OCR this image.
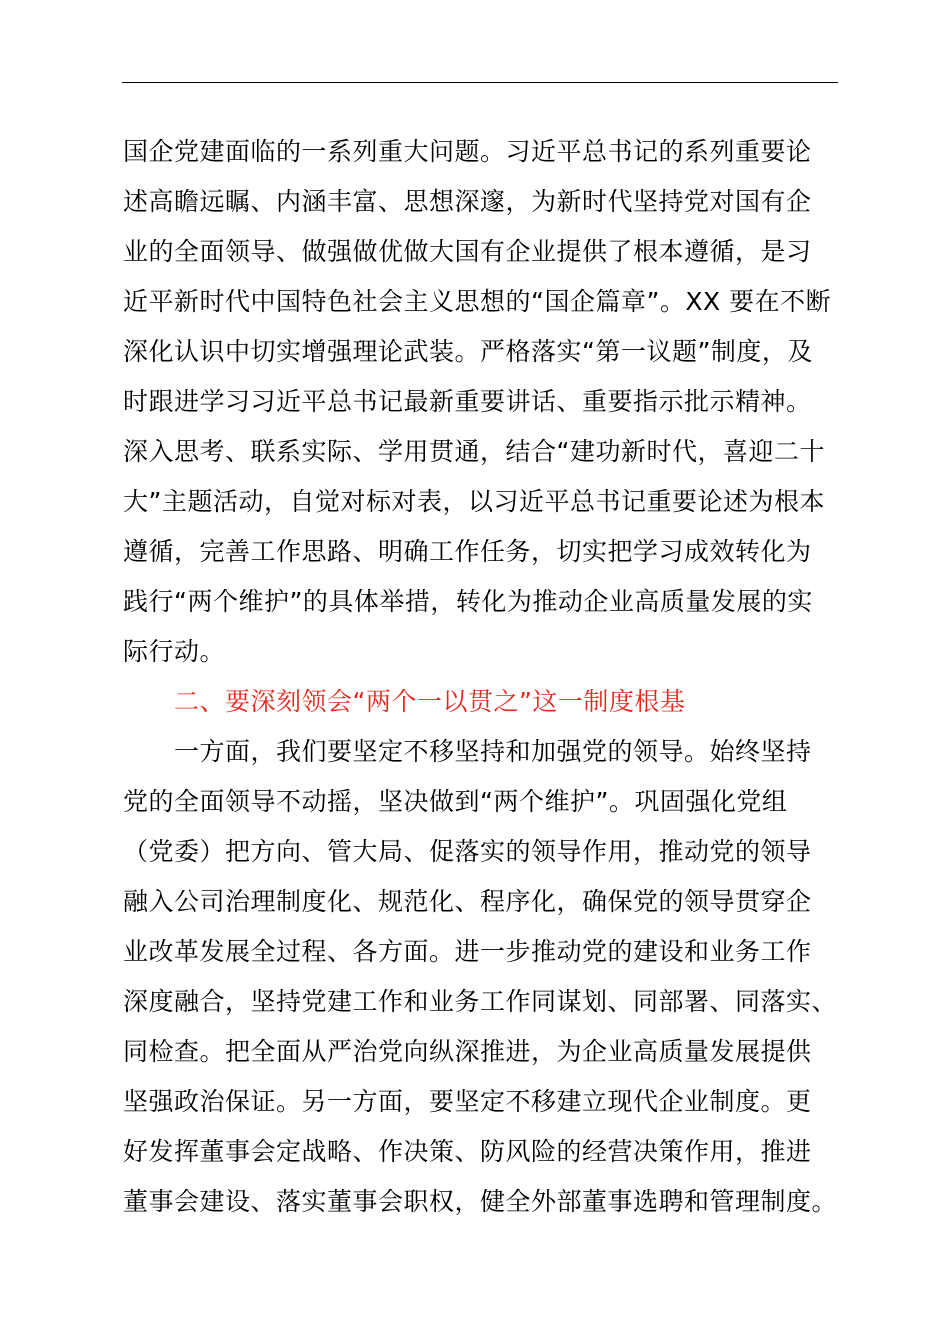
国企党建面临的一系列重大问题。习近平总书记的系列重要论
述高瞻远瞩、内涵丰富、思想深邃，为新时代坚持党对国有企
业的全面领导、做强做优做大国有企业提供了根本遵循，是习
近平新时代中国特色社会主义思想的“国企篇章”。XX 要在不断
深化认识中切实增强理论武装。严格落实“第一议题”制度，及
时跟进学习习近平总书记最新重要讲话、重要指示批示精神。
深入思考、联系实际、学用贯通，结合“建功新时代，喜迎二十
大”主题活动，自觉对标对表，以习近平总书记重要论述为根本
遵循，完善工作思路、明确工作任务，切实把学习成效转化为
践行“两个维护”的具体举措，转化为推动企业高质量发展的实
际行动。
　　二、要深刻领会“两个一以贯之”这一制度根基
　　一方面，我们要坚定不移坚持和加强党的领导。始终坚持
党的全面领导不动摇，坚决做到“两个维护”。巩固强化党组
（党委）把方向、管大局、促落实的领导作用，推动党的领导
融入公司治理制度化、规范化、程序化，确保党的领导贯穿企
业改革发展全过程、各方面。进一步推动党的建设和业务工作
深度融合，坚持党建工作和业务工作同谋划、同部署、同落实、
同检查。把全面从严治党向纵深推进，为企业高质量发展提供
坚强政治保证。另一方面，要坚定不移建立现代企业制度。更
好发挥董事会定战略、作决策、防风险的经营决策作用，推进
董事会建设、落实董事会职权，健全外部董事选聘和管理制度。
